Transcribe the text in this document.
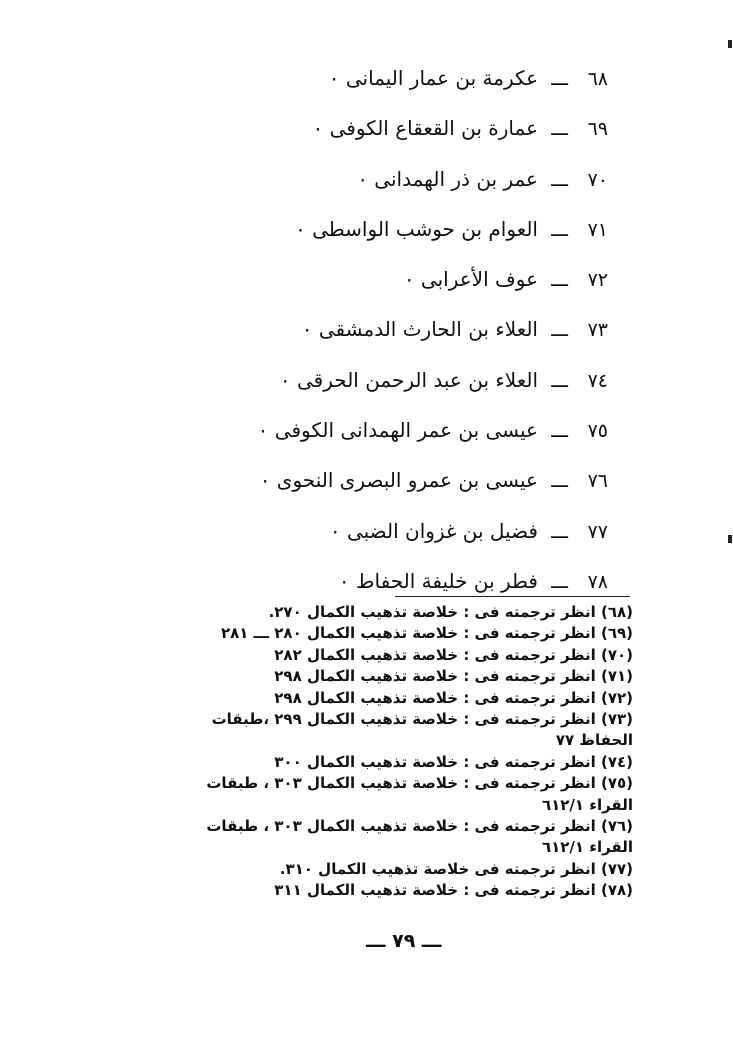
٦٨
ـــ
عكرمة بن عمار اليمانى ٠
٦٩
ـــ
عمارة بن القعقاع الكوفى ٠
٧٠
ـــ
عمر بن ذر الهمدانى ٠
٧١
ـــ
العوام بن حوشب الواسطى ٠
٧٢
ـــ
عوف الأعرابى ٠
٧٣
ـــ
العلاء بن الحارث الدمشقى ٠
٧٤
ـــ
العلاء بن عبد الرحمن الحرقى ٠
٧٥
ـــ
عيسى بن عمر الهمدانى الكوفى ٠
٧٦
ـــ
عيسى بن عمرو البصرى النحوى ٠
٧٧
ـــ
فضيل بن غزوان الضبى ٠
٧٨
ـــ
فطر بن خليفة الحفاط ٠
(٦٨) انظر ترجمته فى : خلاصة تذهيب الكمال ٢٧٠.
(٦٩) انظر ترجمته فى : خلاصة تذهيب الكمال ٢٨٠ ـــ ٢٨١
(٧٠) انظر ترجمته فى : خلاصة تذهيب الكمال ٢٨٢
(٧١) انظر ترجمته فى : خلاصة تذهيب الكمال ٢٩٨
(٧٢) انظر ترجمته فى : خلاصة تذهيب الكمال ٢٩٨
(٧٣) انظر ترجمته فى : خلاصة تذهيب الكمال ٢٩٩ ،طبقات
الحفاظ ٧٧
(٧٤) انظر ترجمته فى : خلاصة تذهيب الكمال ٣٠٠
(٧٥) انظر ترجمته فى : خلاصة تذهيب الكمال ٣٠٣ ، طبقات
القراء ٦١٢/١
(٧٦) انظر ترجمته فى : خلاصة تذهيب الكمال ٣٠٣ ، طبقات
القراء ٦١٢/١
(٧٧) انظر ترجمته فى خلاصة تذهيب الكمال ٣١٠.
(٧٨) انظر ترجمته فى : خلاصة تذهيب الكمال ٣١١
ـــ ٧٩ ـــ
